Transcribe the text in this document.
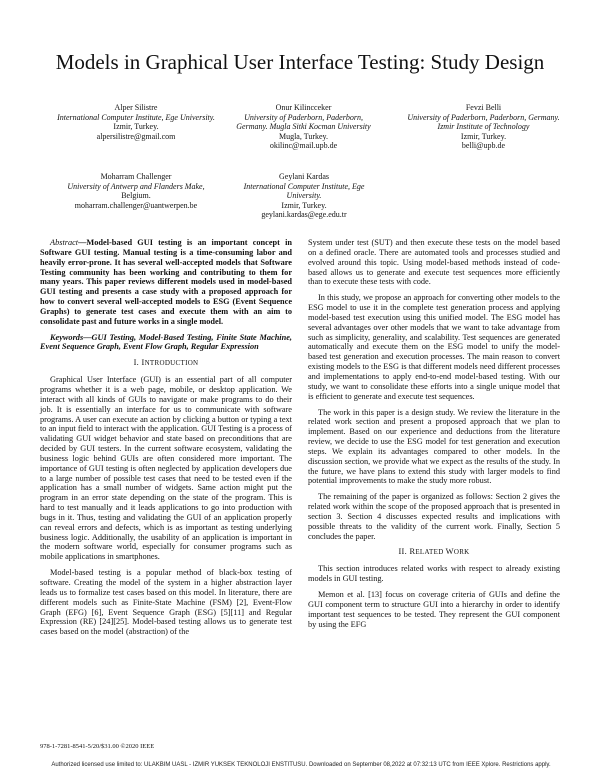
Models in Graphical User Interface Testing: Study Design
Alper Silistre
International Computer Institute, Ege University.
Izmir, Turkey.
alpersilistre@gmail.com
Onur Kilincceker
University of Paderborn, Paderborn, Germany. Mugla Sitki Kocman University
Mugla, Turkey.
okilinc@mail.upb.de
Fevzi Belli
University of Paderborn, Paderborn, Germany. Izmir Institute of Technology
Izmir, Turkey.
belli@upb.de
Moharram Challenger
University of Antwerp and Flanders Make,
Belgium.
moharram.challenger@uantwerpen.be
Geylani Kardas
International Computer Institute, Ege University.
Izmir, Turkey.
geylani.kardas@ege.edu.tr

Abstract—Model-based GUI testing is an important concept in Software GUI testing. Manual testing is a time-consuming labor and heavily error-prone. It has several well-accepted models that Software Testing community has been working and contributing to them for many years. This paper reviews different models used in model-based GUI testing and presents a case study with a proposed approach for how to convert several well-accepted models to ESG (Event Sequence Graphs) to generate test cases and execute them with an aim to consolidate past and future works in a single model.

Keywords—GUI Testing, Model-Based Testing, Finite State Machine, Event Sequence Graph, Event Flow Graph, Regular Expression

I. INTRODUCTION

Graphical User Interface (GUI) is an essential part of all computer programs whether it is a web page, mobile, or desktop application. We interact with all kinds of GUIs to navigate or make programs to do their job. It is essentially an interface for us to communicate with software programs. A user can execute an action by clicking a button or typing a text to an input field to interact with the application. GUI Testing is a process of validating GUI widget behavior and state based on preconditions that are decided by GUI testers. In the current software ecosystem, validating the business logic behind GUIs are often considered more important. The importance of GUI testing is often neglected by application developers due to a large number of possible test cases that need to be tested even if the application has a small number of widgets. Same action might put the program in an error state depending on the state of the program. This is hard to test manually and it leads applications to go into production with bugs in it. Thus, testing and validating the GUI of an application properly can reveal errors and defects, which is as important as testing underlying business logic. Additionally, the usability of an application is important in the modern software world, especially for consumer programs such as mobile applications in smartphones.

Model-based testing is a popular method of black-box testing of software. Creating the model of the system in a higher abstraction layer leads us to formalize test cases based on this model. In literature, there are different models such as Finite-State Machine (FSM) [2], Event-Flow Graph (EFG) [6], Event Sequence Graph (ESG) [5][11] and Regular Expression (RE) [24][25]. Model-based testing allows us to generate test cases based on the model (abstraction) of the

System under test (SUT) and then execute these tests on the model based on a defined oracle. There are automated tools and processes studied and evolved around this topic. Using model-based methods instead of code-based allows us to generate and execute test sequences more efficiently than to execute these tests with code.

In this study, we propose an approach for converting other models to the ESG model to use it in the complete test generation process and applying model-based test execution using this unified model. The ESG model has several advantages over other models that we want to take advantage from such as simplicity, generality, and scalability. Test sequences are generated automatically and execute them on the ESG model to unify the model-based test generation and execution processes. The main reason to convert existing models to the ESG is that different models need different processes and implementations to apply end-to-end model-based testing. With our study, we want to consolidate these efforts into a single unique model that is efficient to generate and execute test sequences.

The work in this paper is a design study. We review the literature in the related work section and present a proposed approach that we plan to implement. Based on our experience and deductions from the literature review, we decide to use the ESG model for test generation and execution steps. We explain its advantages compared to other models. In the discussion section, we provide what we expect as the results of the study. In the future, we have plans to extend this study with larger models to find potential improvements to make the study more robust.

The remaining of the paper is organized as follows: Section 2 gives the related work within the scope of the proposed approach that is presented in section 3. Section 4 discusses expected results and implications with possible threats to the validity of the current work. Finally, Section 5 concludes the paper.

II. RELATED WORK

This section introduces related works with respect to already existing models in GUI testing.

Memon et al. [13] focus on coverage criteria of GUIs and define the GUI component term to structure GUI into a hierarchy in order to identify important test sequences to be tested. They represent the GUI component by using the EFG

978-1-7281-8541-5/20/$31.00 ©2020 IEEE
Authorized licensed use limited to: ULAKBIM UASL - IZMIR YUKSEK TEKNOLOJI ENSTITUSU. Downloaded on September 08,2022 at 07:32:13 UTC from IEEE Xplore. Restrictions apply.
